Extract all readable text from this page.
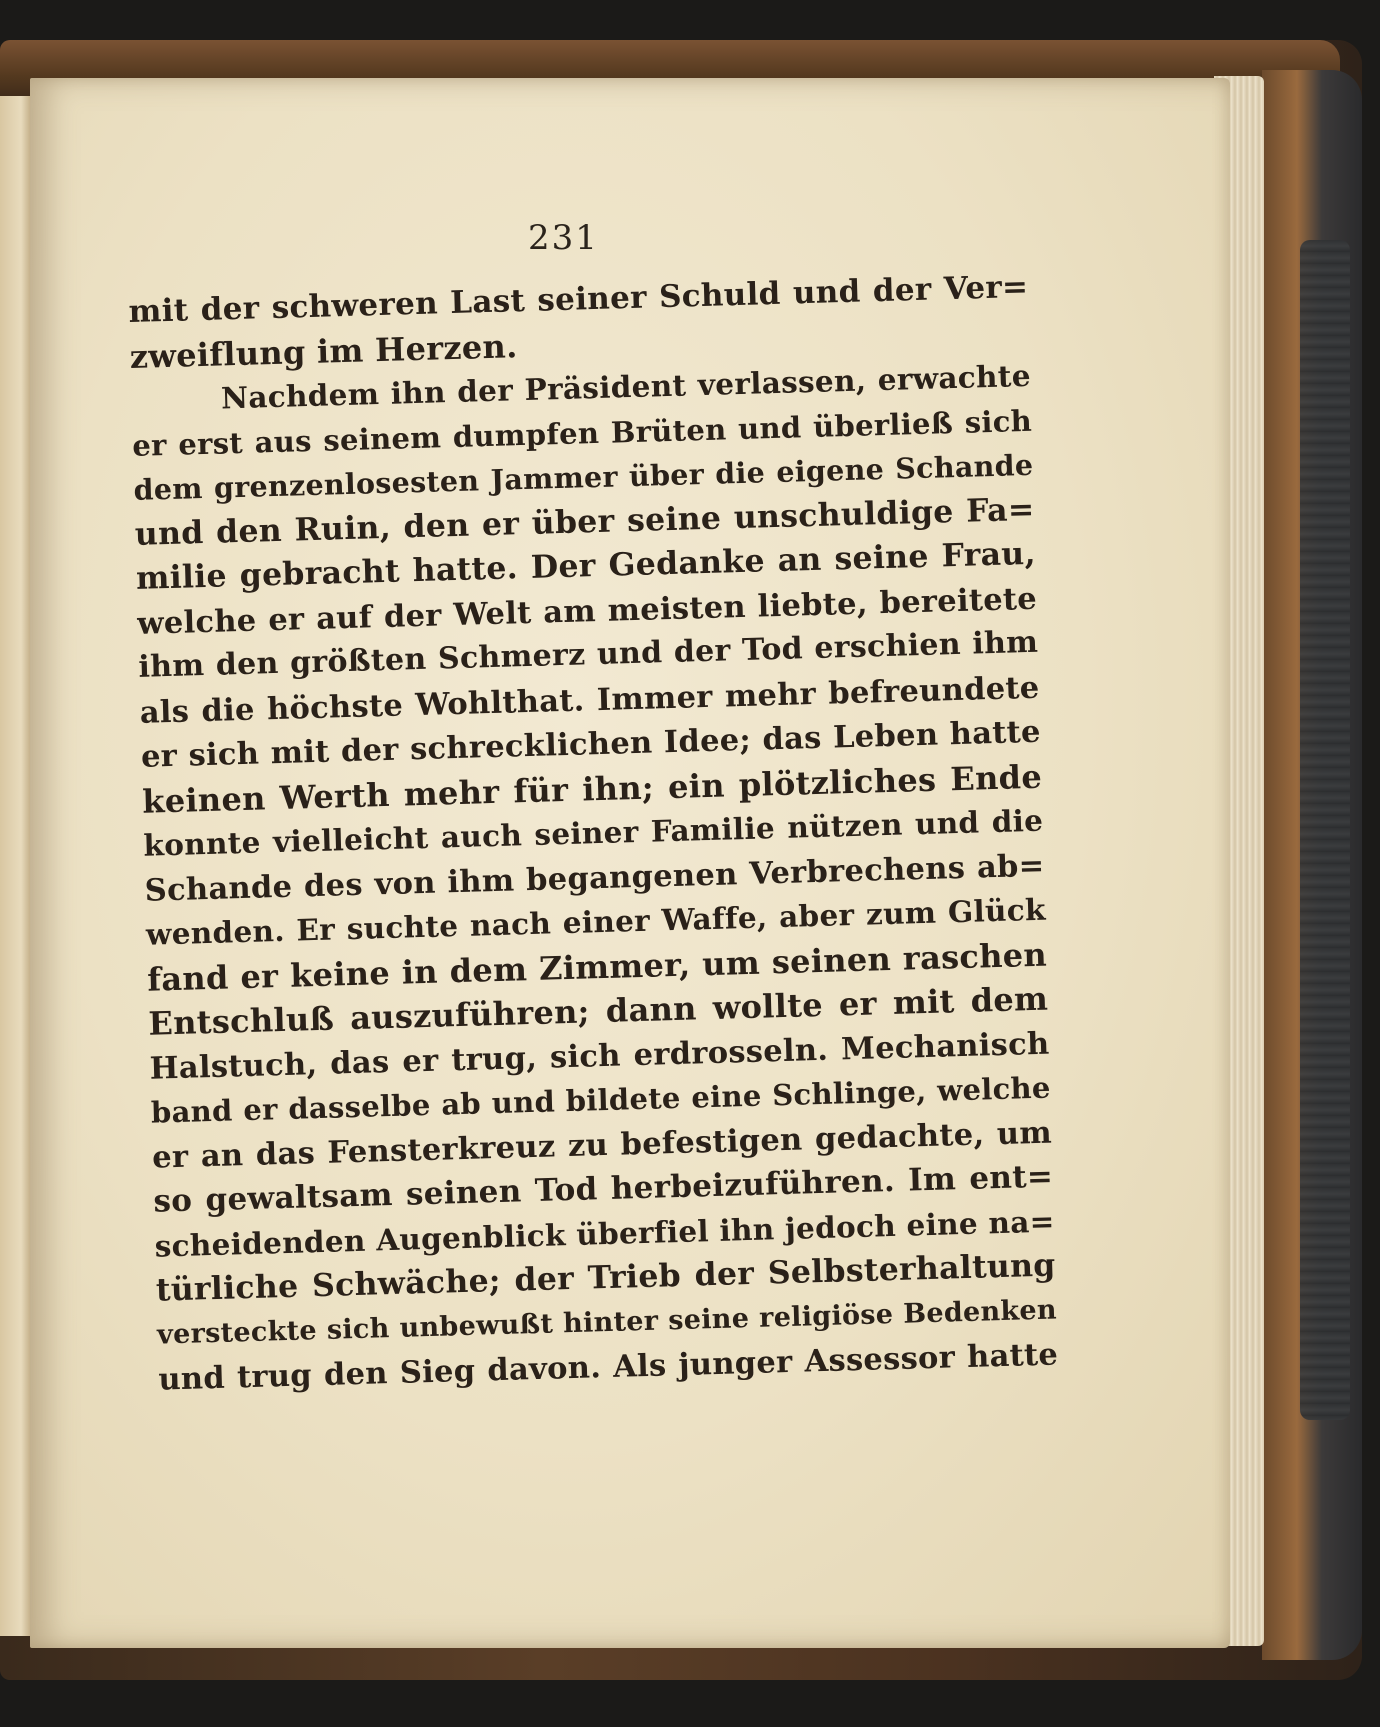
231
mit der schweren Last seiner Schuld und der Ver=
zweiflung im Herzen.
Nachdem ihn der Präsident verlassen, erwachte
er erst aus seinem dumpfen Brüten und überließ sich
dem grenzenlosesten Jammer über die eigene Schande
und den Ruin, den er über seine unschuldige Fa=
milie gebracht hatte. Der Gedanke an seine Frau,
welche er auf der Welt am meisten liebte, bereitete
ihm den größten Schmerz und der Tod erschien ihm
als die höchste Wohlthat. Immer mehr befreundete
er sich mit der schrecklichen Idee; das Leben hatte
keinen Werth mehr für ihn; ein plötzliches Ende
konnte vielleicht auch seiner Familie nützen und die
Schande des von ihm begangenen Verbrechens ab=
wenden. Er suchte nach einer Waffe, aber zum Glück
fand er keine in dem Zimmer, um seinen raschen
Entschluß auszuführen; dann wollte er mit dem
Halstuch, das er trug, sich erdrosseln. Mechanisch
band er dasselbe ab und bildete eine Schlinge, welche
er an das Fensterkreuz zu befestigen gedachte, um
so gewaltsam seinen Tod herbeizuführen. Im ent=
scheidenden Augenblick überfiel ihn jedoch eine na=
türliche Schwäche; der Trieb der Selbsterhaltung
versteckte sich unbewußt hinter seine religiöse Bedenken
und trug den Sieg davon. Als junger Assessor hatte
